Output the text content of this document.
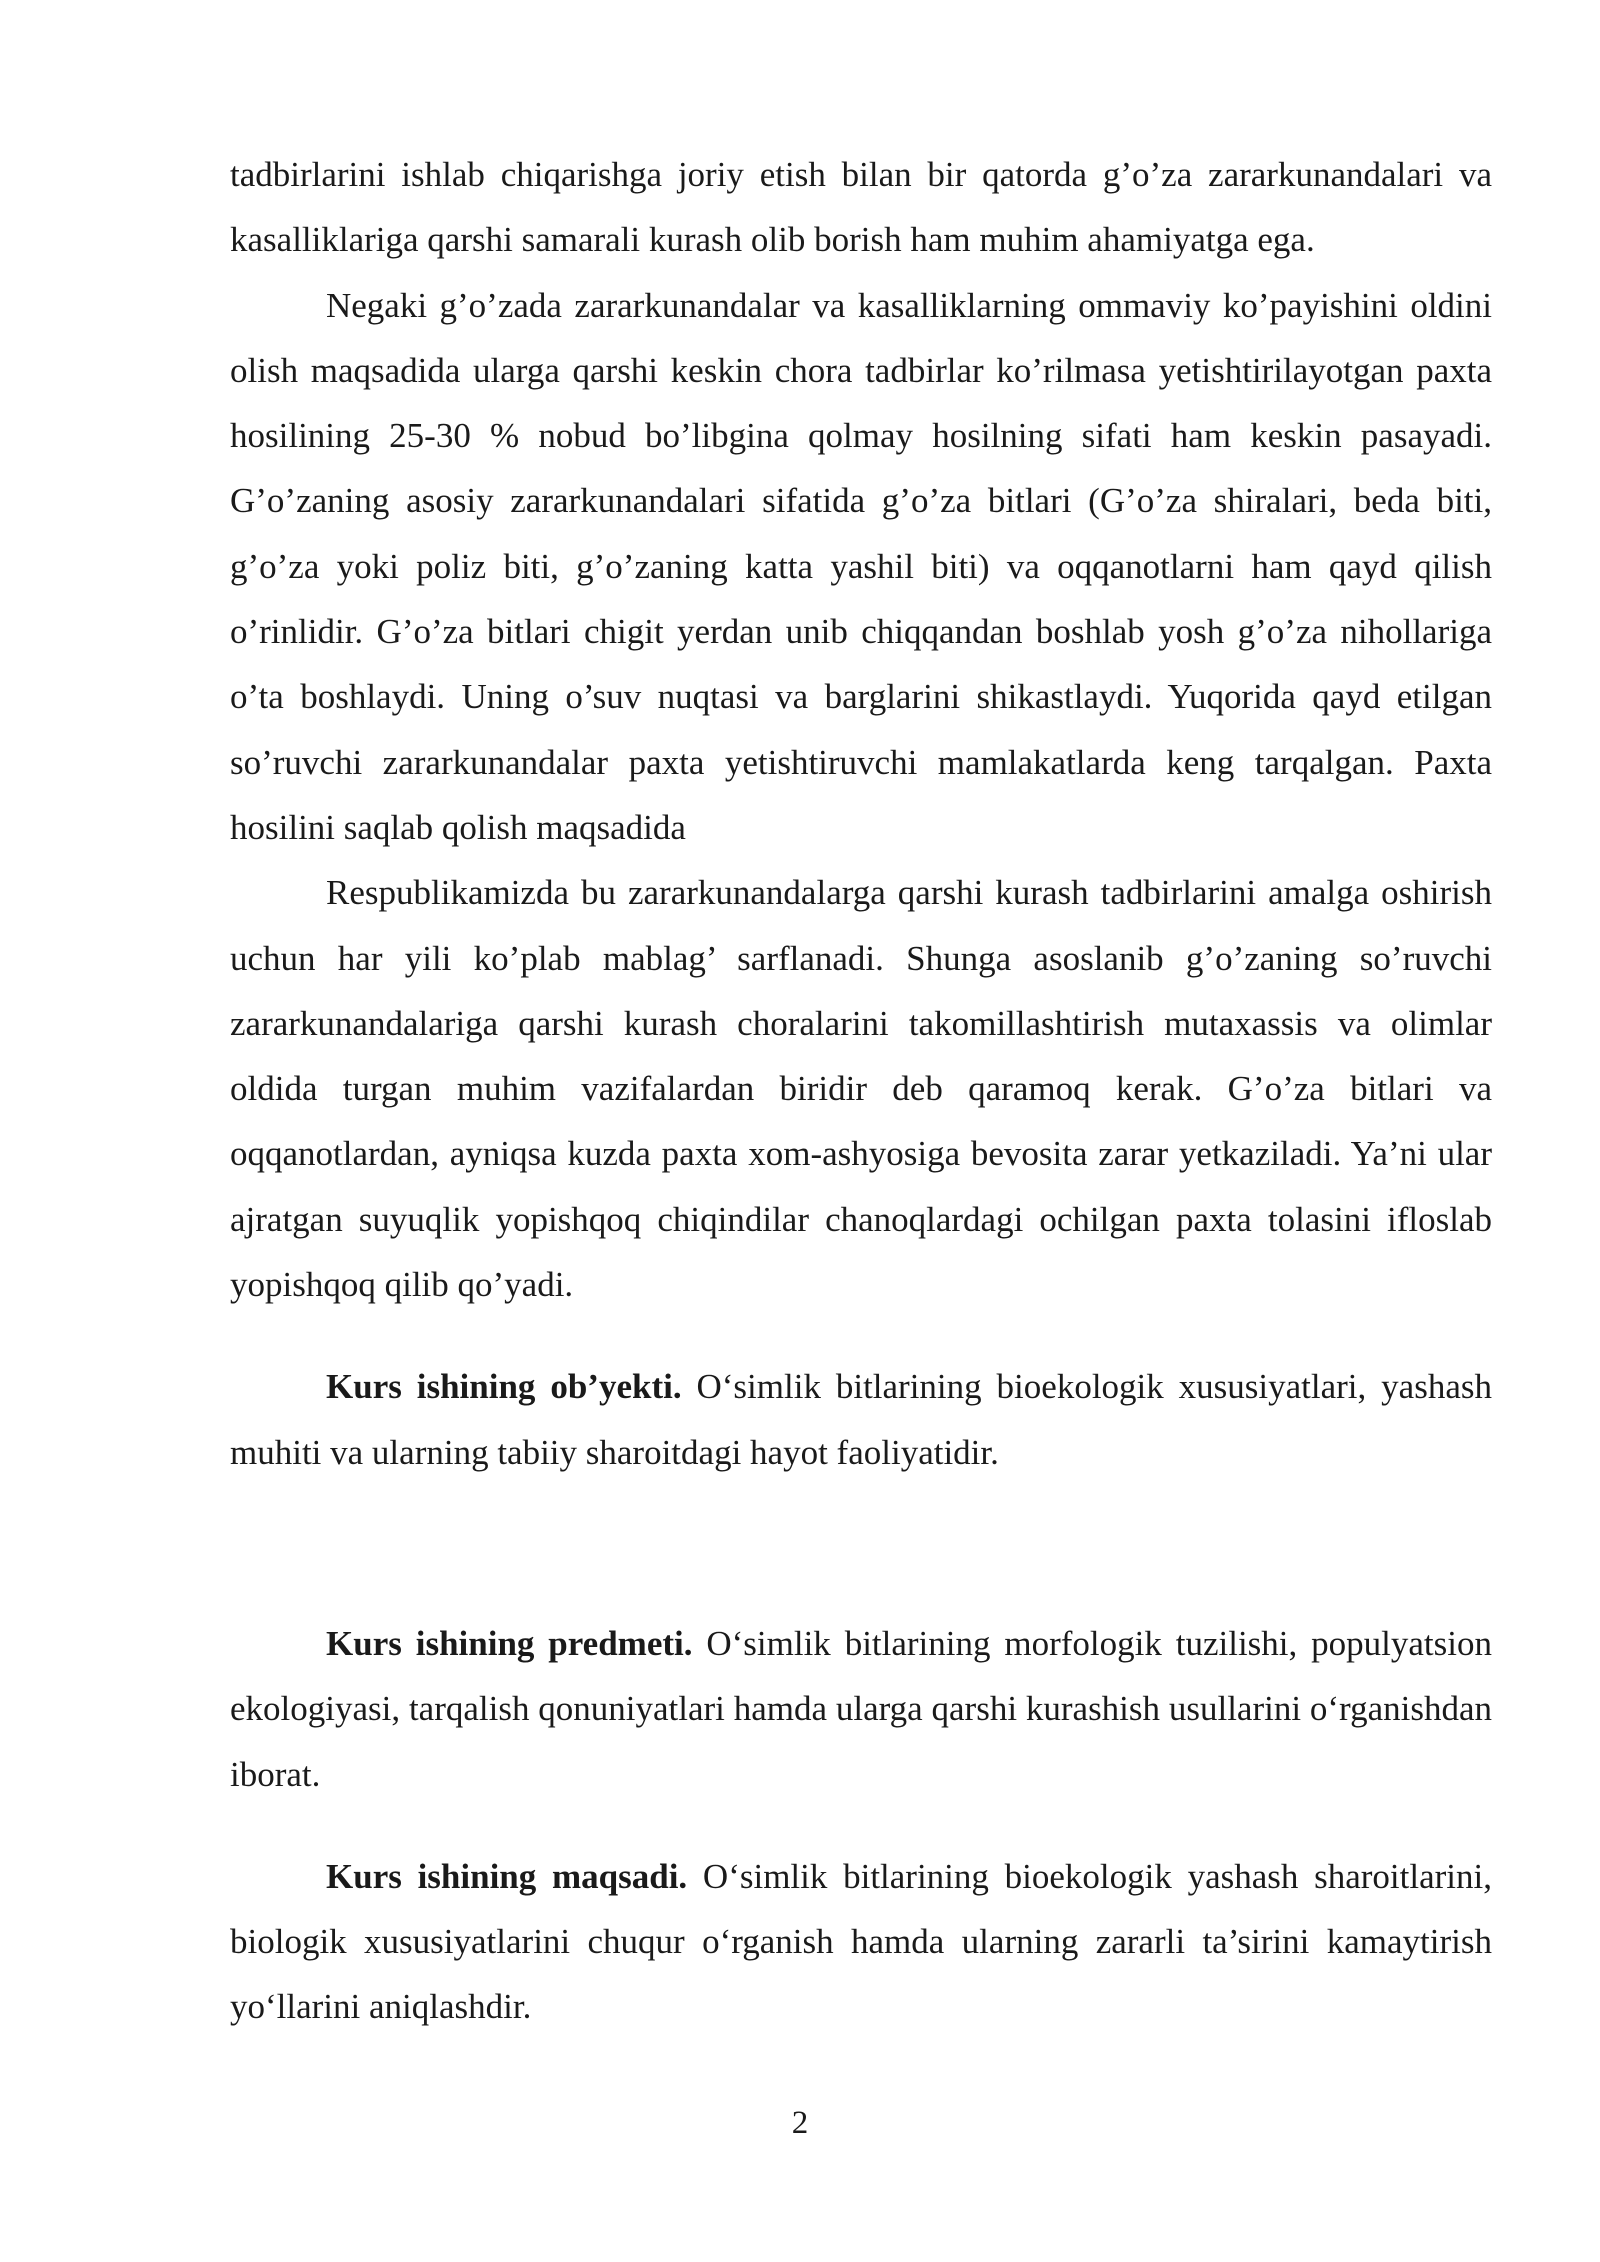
tadbirlarini ishlab chiqarishga joriy etish bilan bir qatorda g’o’za zararkunandalari va kasalliklariga qarshi samarali kurash olib borish ham muhim ahamiyatga ega.

Negaki g’o’zada zararkunandalar va kasalliklarning ommaviy ko’payishini oldini olish maqsadida ularga qarshi keskin chora tadbirlar ko’rilmasa yetishtirilayotgan paxta hosilining 25-30 % nobud bo’libgina qolmay hosilning sifati ham keskin pasayadi. G’o’zaning asosiy zararkunandalari sifatida g’o’za bitlari (G’o’za shiralari, beda biti, g’o’za yoki poliz biti, g’o’zaning katta yashil biti) va oqqanotlarni ham qayd qilish o’rinlidir. G’o’za bitlari chigit yerdan unib chiqqandan boshlab yosh g’o’za nihollariga o’ta boshlaydi. Uning o’suv nuqtasi va barglarini shikastlaydi. Yuqorida qayd etilgan so’ruvchi zararkunandalar paxta yetishtiruvchi mamlakatlarda keng tarqalgan. Paxta hosilini saqlab qolish maqsadida

Respublikamizda bu zararkunandalarga qarshi kurash tadbirlarini amalga oshirish uchun har yili ko’plab mablag’ sarflanadi. Shunga asoslanib g’o’zaning so’ruvchi zararkunandalariga qarshi kurash choralarini takomillashtirish mutaxassis va olimlar oldida turgan muhim vazifalardan biridir deb qaramoq kerak. G’o’za bitlari va oqqanotlardan, ayniqsa kuzda paxta xom-ashyosiga bevosita zarar yetkaziladi. Ya’ni ular ajratgan suyuqlik yopishqoq chiqindilar chanoqlardagi ochilgan paxta tolasini ifloslab yopishqoq qilib qo’yadi.

Kurs ishining ob’yekti. O‘simlik bitlarining bioekologik xususiyatlari, yashash muhiti va ularning tabiiy sharoitdagi hayot faoliyatidir.

Kurs ishining predmeti. O‘simlik bitlarining morfologik tuzilishi, populyatsion ekologiyasi, tarqalish qonuniyatlari hamda ularga qarshi kurashish usullarini o‘rganishdan iborat.

Kurs ishining maqsadi. O‘simlik bitlarining bioekologik yashash sharoitlarini, biologik xususiyatlarini chuqur o‘rganish hamda ularning zararli ta’sirini kamaytirish yo‘llarini aniqlashdir.

2
